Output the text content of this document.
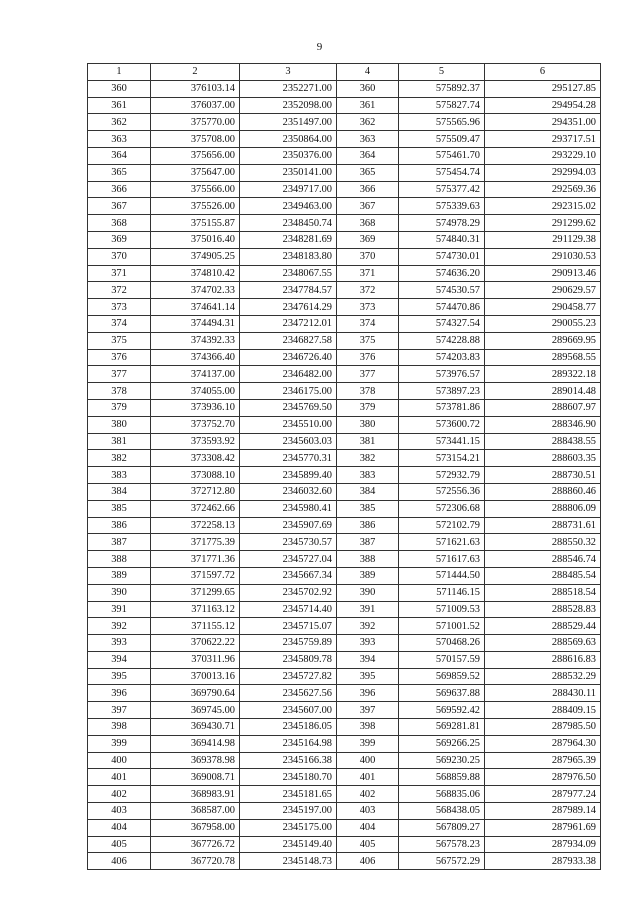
9
1	2	3	4	5	6
360	376103.14	2352271.00	360	575892.37	295127.85
361	376037.00	2352098.00	361	575827.74	294954.28
362	375770.00	2351497.00	362	575565.96	294351.00
363	375708.00	2350864.00	363	575509.47	293717.51
364	375656.00	2350376.00	364	575461.70	293229.10
365	375647.00	2350141.00	365	575454.74	292994.03
366	375566.00	2349717.00	366	575377.42	292569.36
367	375526.00	2349463.00	367	575339.63	292315.02
368	375155.87	2348450.74	368	574978.29	291299.62
369	375016.40	2348281.69	369	574840.31	291129.38
370	374905.25	2348183.80	370	574730.01	291030.53
371	374810.42	2348067.55	371	574636.20	290913.46
372	374702.33	2347784.57	372	574530.57	290629.57
373	374641.14	2347614.29	373	574470.86	290458.77
374	374494.31	2347212.01	374	574327.54	290055.23
375	374392.33	2346827.58	375	574228.88	289669.95
376	374366.40	2346726.40	376	574203.83	289568.55
377	374137.00	2346482.00	377	573976.57	289322.18
378	374055.00	2346175.00	378	573897.23	289014.48
379	373936.10	2345769.50	379	573781.86	288607.97
380	373752.70	2345510.00	380	573600.72	288346.90
381	373593.92	2345603.03	381	573441.15	288438.55
382	373308.42	2345770.31	382	573154.21	288603.35
383	373088.10	2345899.40	383	572932.79	288730.51
384	372712.80	2346032.60	384	572556.36	288860.46
385	372462.66	2345980.41	385	572306.68	288806.09
386	372258.13	2345907.69	386	572102.79	288731.61
387	371775.39	2345730.57	387	571621.63	288550.32
388	371771.36	2345727.04	388	571617.63	288546.74
389	371597.72	2345667.34	389	571444.50	288485.54
390	371299.65	2345702.92	390	571146.15	288518.54
391	371163.12	2345714.40	391	571009.53	288528.83
392	371155.12	2345715.07	392	571001.52	288529.44
393	370622.22	2345759.89	393	570468.26	288569.63
394	370311.96	2345809.78	394	570157.59	288616.83
395	370013.16	2345727.82	395	569859.52	288532.29
396	369790.64	2345627.56	396	569637.88	288430.11
397	369745.00	2345607.00	397	569592.42	288409.15
398	369430.71	2345186.05	398	569281.81	287985.50
399	369414.98	2345164.98	399	569266.25	287964.30
400	369378.98	2345166.38	400	569230.25	287965.39
401	369008.71	2345180.70	401	568859.88	287976.50
402	368983.91	2345181.65	402	568835.06	287977.24
403	368587.00	2345197.00	403	568438.05	287989.14
404	367958.00	2345175.00	404	567809.27	287961.69
405	367726.72	2345149.40	405	567578.23	287934.09
406	367720.78	2345148.73	406	567572.29	287933.38
